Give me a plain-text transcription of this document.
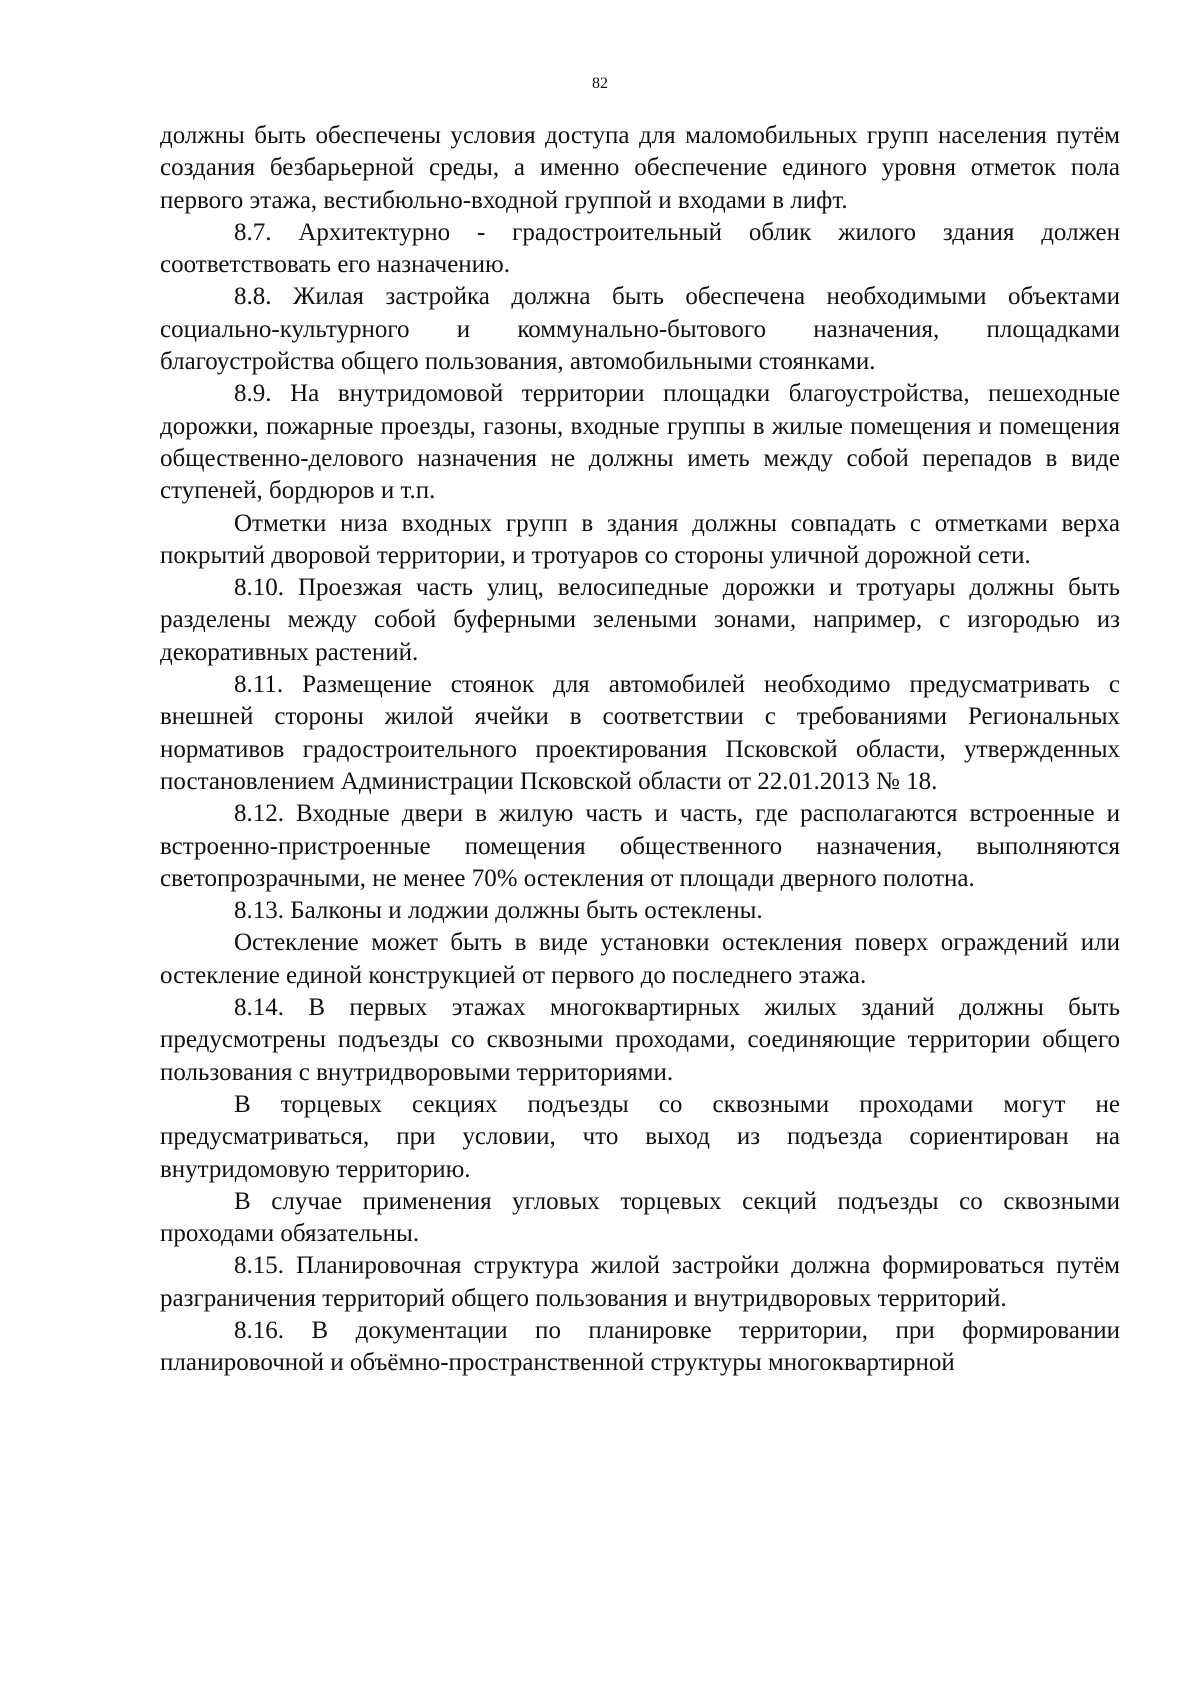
82

должны быть обеспечены условия доступа для маломобильных групп населения путём создания безбарьерной среды, а именно обеспечение единого уровня отметок пола первого этажа, вестибюльно-входной группой и входами в лифт.

8.7. Архитектурно - градостроительный облик жилого здания должен соответствовать его назначению.

8.8. Жилая застройка должна быть обеспечена необходимыми объектами социально-культурного и коммунально-бытового назначения, площадками благоустройства общего пользования, автомобильными стоянками.

8.9. На внутридомовой территории площадки благоустройства, пешеходные дорожки, пожарные проезды, газоны, входные группы в жилые помещения и помещения общественно-делового назначения не должны иметь между собой перепадов в виде ступеней, бордюров и т.п.

Отметки низа входных групп в здания должны совпадать с отметками верха покрытий дворовой территории, и тротуаров со стороны уличной дорожной сети.

8.10. Проезжая часть улиц, велосипедные дорожки и тротуары должны быть разделены между собой буферными зелеными зонами, например, с изгородью из декоративных растений.

8.11. Размещение стоянок для автомобилей необходимо предусматривать с внешней стороны жилой ячейки в соответствии с требованиями Региональных нормативов градостроительного проектирования Псковской области, утвержденных постановлением Администрации Псковской области от 22.01.2013 № 18.

8.12. Входные двери в жилую часть и часть, где располагаются встроенные и встроенно-пристроенные помещения общественного назначения, выполняются светопрозрачными, не менее 70% остекления от площади дверного полотна.

8.13. Балконы и лоджии должны быть остеклены.

Остекление может быть в виде установки остекления поверх ограждений или остекление единой конструкцией от первого до последнего этажа.

8.14. В первых этажах многоквартирных жилых зданий должны быть предусмотрены подъезды со сквозными проходами, соединяющие территории общего пользования с внутридворовыми территориями.

В торцевых секциях подъезды со сквозными проходами могут не предусматриваться, при условии, что выход из подъезда сориентирован на внутридомовую территорию.

В случае применения угловых торцевых секций подъезды со сквозными проходами обязательны.

8.15. Планировочная структура жилой застройки должна формироваться путём разграничения территорий общего пользования и внутридворовых территорий.

8.16. В документации по планировке территории, при формировании планировочной и объёмно-пространственной структуры многоквартирной
